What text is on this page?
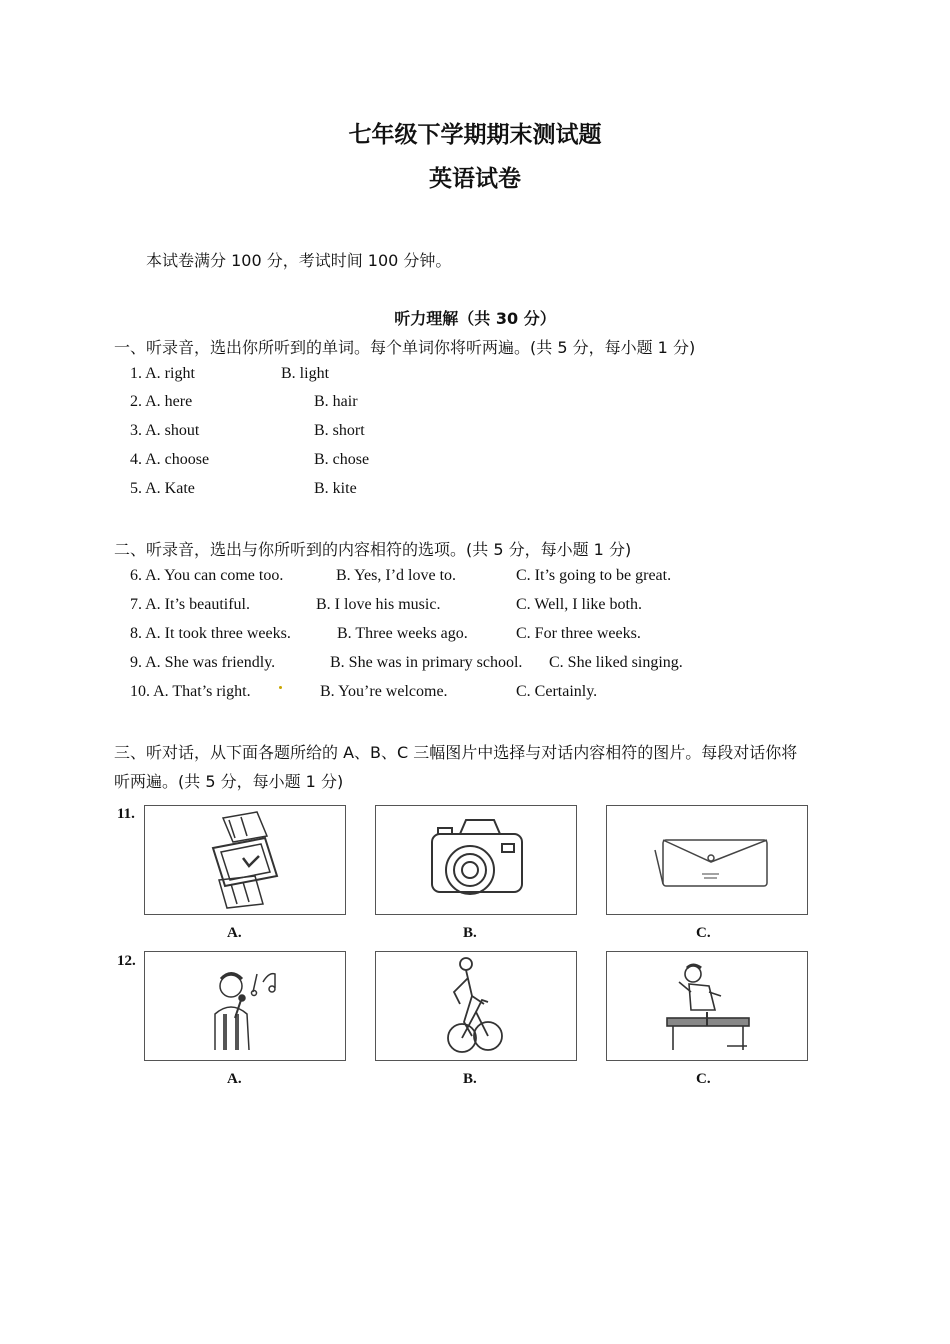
七年级下学期期末测试题
英语试卷
本试卷满分 100 分，考试时间 100 分钟。
听力理解（共 30 分）
一、听录音，选出你所听到的单词。每个单词你将听两遍。(共 5 分，每小题 1 分)
1. A. right	B. light
2. A. here	B. hair
3. A. shout	B. short
4. A. choose	B. chose
5. A. Kate	B. kite
二、听录音，选出与你所听到的内容相符的选项。(共 5 分，每小题 1 分)
6. A. You can come too.	B. Yes, I’d love to.	C. It’s going to be great.
7. A. It’s beautiful.	B. I love his music.	C. Well, I like both.
8. A. It took three weeks.	B. Three weeks ago.	C. For three weeks.
9. A. She was friendly.	B. She was in primary school. C. She liked singing.
10. A. That’s right.	B. You’re welcome.	C. Certainly.
三、听对话，从下面各题所给的 A、B、C 三幅图片中选择与对话内容相符的图片。每段对话你将
听两遍。(共 5 分，每小题 1 分)
11.
A.	B.	C.
12.
A.	B.	C.
